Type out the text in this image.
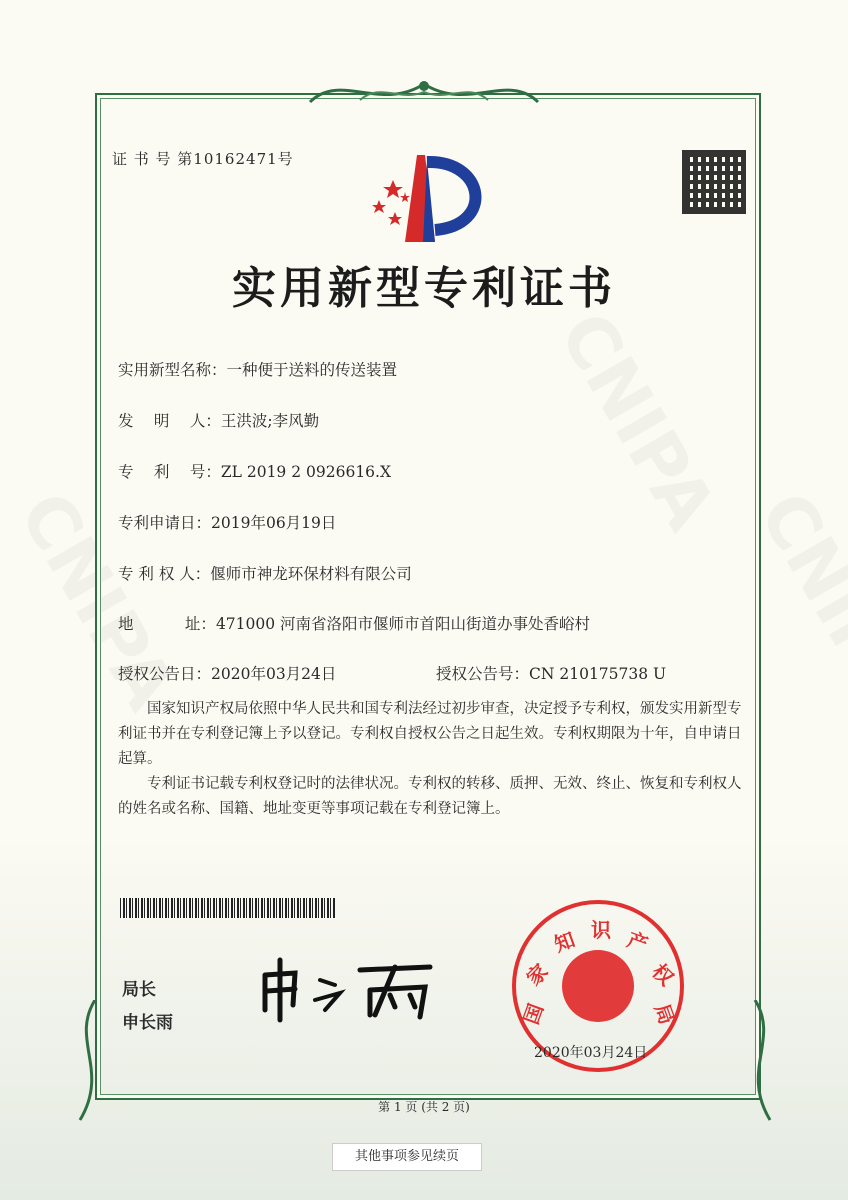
证 书 号 第10162471号
实用新型专利证书
实用新型名称：一种便于送料的传送装置
发　 明　 人：王洪波;李风勤
专　 利　 号：ZL 2019 2 0926616.X
专利申请日：2019年06月19日
专 利 权 人：偃师市神龙环保材料有限公司
地　　　 址：471000 河南省洛阳市偃师市首阳山街道办事处香峪村
授权公告日：2020年03月24日	授权公告号：CN 210175738 U

国家知识产权局依照中华人民共和国专利法经过初步审查，决定授予专利权，颁发实用新型专利证书并在专利登记簿上予以登记。专利权自授权公告之日起生效。专利权期限为十年，自申请日起算。

专利证书记载专利权登记时的法律状况。专利权的转移、质押、无效、终止、恢复和专利权人的姓名或名称、国籍、地址变更等事项记载在专利登记簿上。

局长
申长雨	国
家
知 识 产
权
局
2020年03月24日
第 1 页 (共 2 页)
其他事项参见续页
